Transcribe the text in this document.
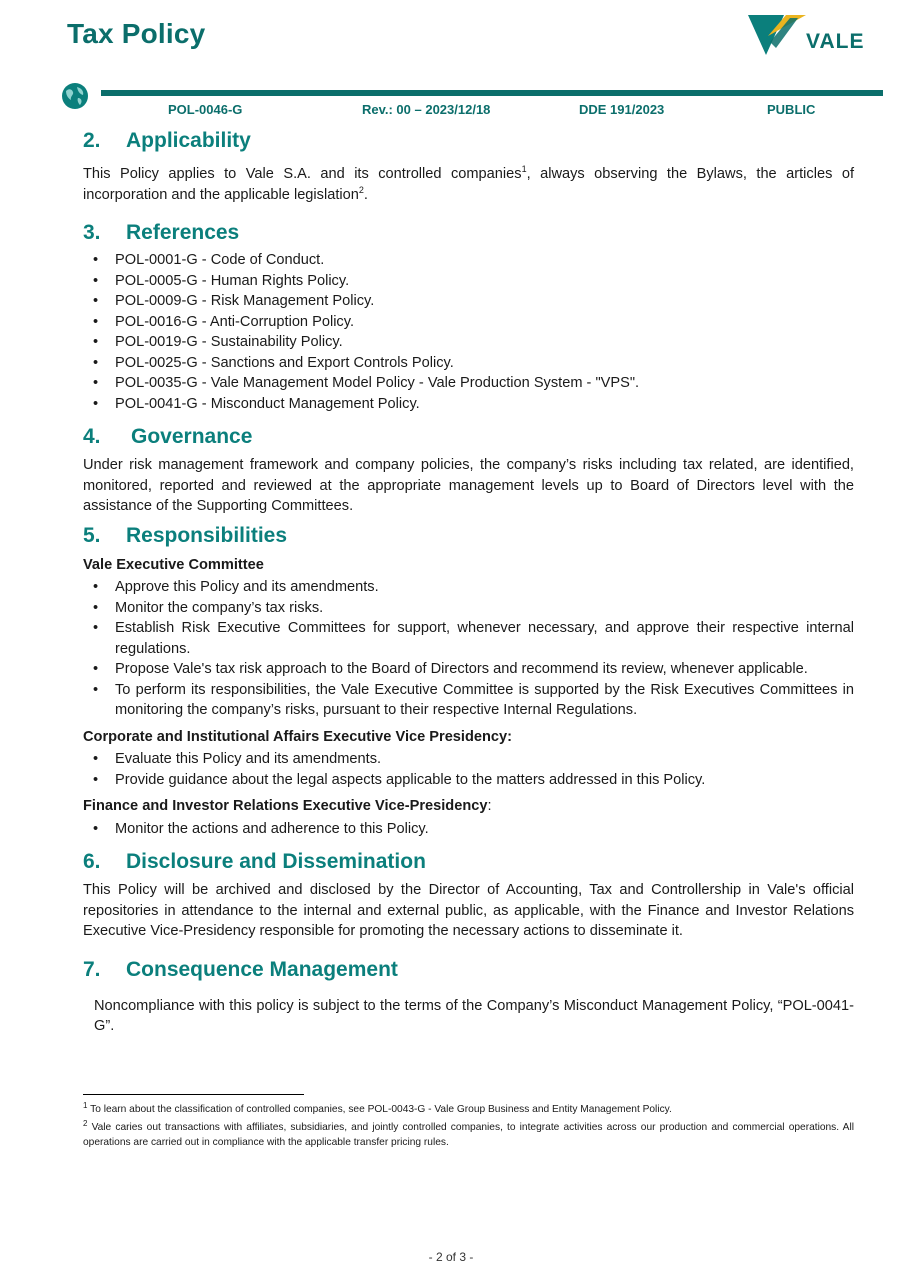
Tax Policy	VALE
POL-0046-G	Rev.: 00 – 2023/12/18	DDE 191/2023	PUBLIC
2. Applicability

This Policy applies to Vale S.A. and its controlled companies$^1$, always observing the Bylaws, the articles of incorporation and the applicable legislation$^2$.

3. References
• POL-0001-G - Code of Conduct.
• POL-0005-G - Human Rights Policy.
• POL-0009-G - Risk Management Policy.
• POL-0016-G - Anti-Corruption Policy.
• POL-0019-G - Sustainability Policy.
• POL-0025-G - Sanctions and Export Controls Policy.
• POL-0035-G - Vale Management Model Policy - Vale Production System - "VPS".
• POL-0041-G - Misconduct Management Policy.
4. Governance

Under risk management framework and company policies, the company’s risks including tax related, are identified, monitored, reported and reviewed at the appropriate management levels up to Board of Directors level with the assistance of the Supporting Committees.

5. Responsibilities
Vale Executive Committee
• Approve this Policy and its amendments.
• Monitor the company’s tax risks.
• Establish Risk Executive Committees for support, whenever necessary, and approve their respective internal regulations.
• Propose Vale's tax risk approach to the Board of Directors and recommend its review, whenever applicable.
• To perform its responsibilities, the Vale Executive Committee is supported by the Risk Executives Committees in monitoring the company’s risks, pursuant to their respective Internal Regulations.
Corporate and Institutional Affairs Executive Vice Presidency:
• Evaluate this Policy and its amendments.
• Provide guidance about the legal aspects applicable to the matters addressed in this Policy.
Finance and Investor Relations Executive Vice-Presidency:
• Monitor the actions and adherence to this Policy.
6. Disclosure and Dissemination

This Policy will be archived and disclosed by the Director of Accounting, Tax and Controllership in Vale's official repositories in attendance to the internal and external public, as applicable, with the Finance and Investor Relations Executive Vice-Presidency responsible for promoting the necessary actions to disseminate it.

7. Consequence Management

Noncompliance with this policy is subject to the terms of the Company’s Misconduct Management Policy, “POL-0041-G”.

$^1$ To learn about the classification of controlled companies, see POL-0043-G - Vale Group Business and Entity Management Policy.
$^2$ Vale caries out transactions with affiliates, subsidiaries, and jointly controlled companies, to integrate activities across our production and commercial operations. All operations are carried out in compliance with the applicable transfer pricing rules.
- 2 of 3 -
